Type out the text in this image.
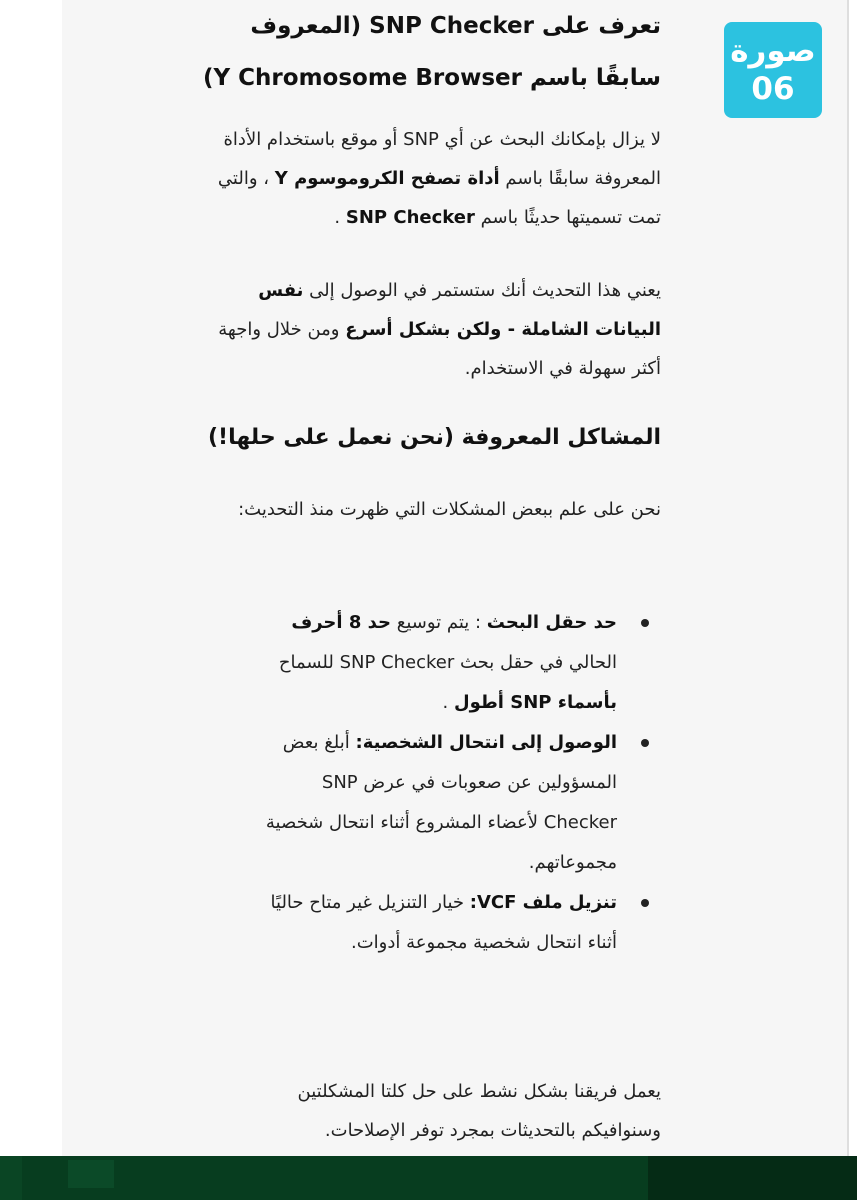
صورة
06
تعرف على SNP Checker (المعروف سابقًا باسم Y Chromosome Browser)

لا يزال بإمكانك البحث عن أي SNP أو موقع باستخدام الأداة المعروفة سابقًا باسم أداة تصفح الكروموسوم Y ، والتي تمت تسميتها حديثًا باسم SNP Checker .

يعني هذا التحديث أنك ستستمر في الوصول إلى نفس البيانات الشاملة - ولكن بشكل أسرع ومن خلال واجهة أكثر سهولة في الاستخدام.

المشاكل المعروفة (نحن نعمل على حلها!)

نحن على علم ببعض المشكلات التي ظهرت منذ التحديث:

حد حقل البحث : يتم توسيع حد 8 أحرف الحالي في حقل بحث SNP Checker للسماح بأسماء SNP أطول .
الوصول إلى انتحال الشخصية: أبلغ بعض المسؤولين عن صعوبات في عرض SNP Checker لأعضاء المشروع أثناء انتحال شخصية مجموعاتهم.
تنزيل ملف VCF: خيار التنزيل غير متاح حاليًا أثناء انتحال شخصية مجموعة أدوات.

يعمل فريقنا بشكل نشط على حل كلتا المشكلتين وسنوافيكم بالتحديثات بمجرد توفر الإصلاحات.
